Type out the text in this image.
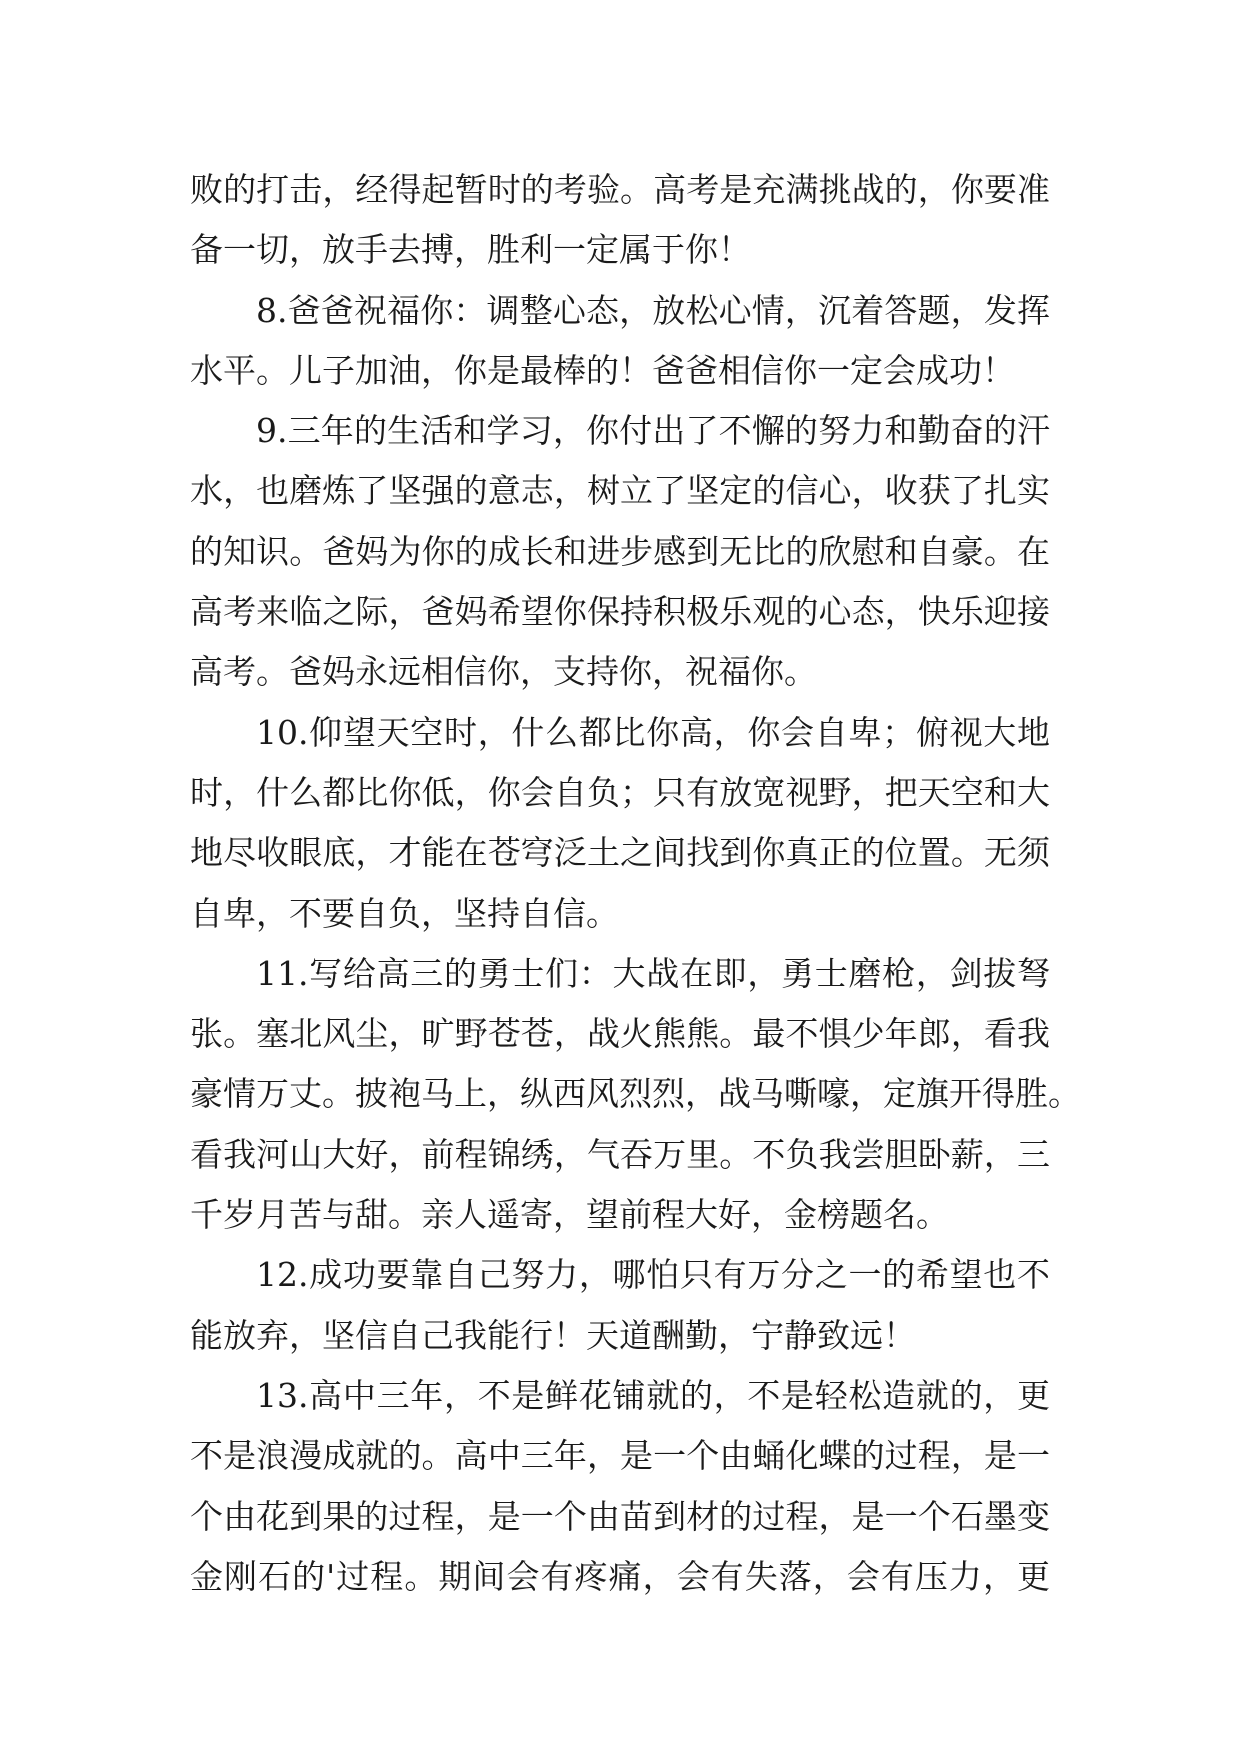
败的打击，经得起暂时的考验。高考是充满挑战的，你要准
备一切，放手去搏，胜利一定属于你！
8.爸爸祝福你：调整心态，放松心情，沉着答题，发挥
水平。儿子加油，你是最棒的！爸爸相信你一定会成功！
9.三年的生活和学习，你付出了不懈的努力和勤奋的汗
水，也磨炼了坚强的意志，树立了坚定的信心，收获了扎实
的知识。爸妈为你的成长和进步感到无比的欣慰和自豪。在
高考来临之际，爸妈希望你保持积极乐观的心态，快乐迎接
高考。爸妈永远相信你，支持你，祝福你。
10.仰望天空时，什么都比你高，你会自卑；俯视大地
时，什么都比你低，你会自负；只有放宽视野，把天空和大
地尽收眼底，才能在苍穹泛土之间找到你真正的位置。无须
自卑，不要自负，坚持自信。
11.写给高三的勇士们：大战在即，勇士磨枪，剑拔弩
张。塞北风尘，旷野苍苍，战火熊熊。最不惧少年郎，看我
豪情万丈。披袍马上，纵西风烈烈，战马嘶嚎，定旗开得胜。
看我河山大好，前程锦绣，气吞万里。不负我尝胆卧薪，三
千岁月苦与甜。亲人遥寄，望前程大好，金榜题名。
12.成功要靠自己努力，哪怕只有万分之一的希望也不
能放弃，坚信自己我能行！天道酬勤，宁静致远！
13.高中三年，不是鲜花铺就的，不是轻松造就的，更
不是浪漫成就的。高中三年，是一个由蛹化蝶的过程，是一
个由花到果的过程，是一个由苗到材的过程，是一个石墨变
金刚石的'过程。期间会有疼痛，会有失落，会有压力，更
